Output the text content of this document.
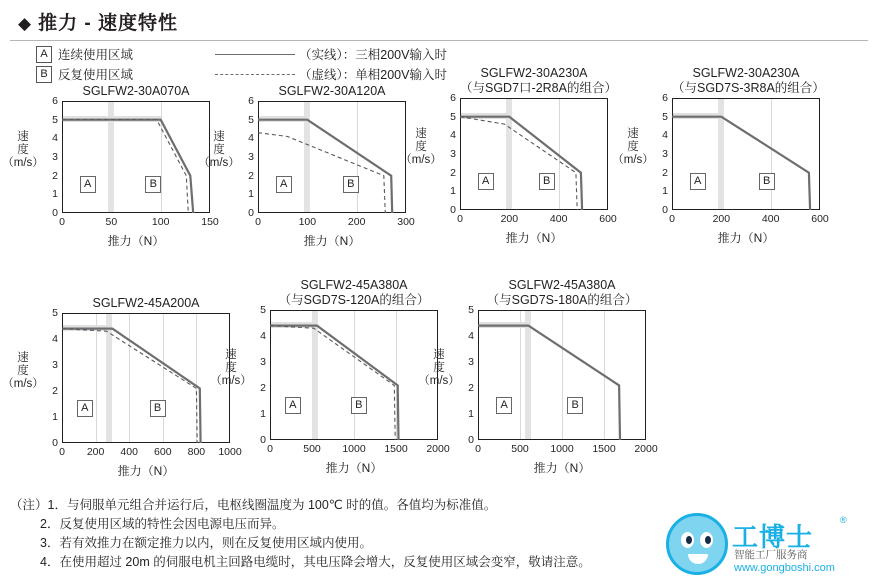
◆ 推力 - 速度特性
A 连续使用区域
B 反复使用区域
（实线）：三相200V输入时
（虚线）：单相200V输入时
SGLFW2-30A070A
A	B
0
1
2
3
4
5
6
0	50	100	150
速
度
（m/s）
推力（N）
SGLFW2-30A120A
A	B
0
1
2
3
4
5
6
0	100	200	300
速
度
（m/s）
推力（N）
SGLFW2-30A230A
（与SGD7口-2R8A的组合）
A	B
0
1
2
3
4
5
6
0	200	400	600
速
度
（m/s）
推力（N）
SGLFW2-30A230A
（与SGD7S-3R8A的组合）
A	B
0
1
2
3
4
5
6
0	200	400	600
速
度
（m/s）
推力（N）
SGLFW2-45A200A
A	B
0
1
2
3
4
5
0	200	400	600	800	1000
速
度
（m/s）
推力（N）
SGLFW2-45A380A
（与SGD7S-120A的组合）
A	B
0
1
2
3
4
5
0	500	1000	1500	2000
速
度
（m/s）
推力（N）
SGLFW2-45A380A
（与SGD7S-180A的组合）
A	B
0
1
2
3
4
5
0	500	1000	1500	2000
速
度
（m/s）
推力（N）
（注）1．与伺服单元组合并运行后，电枢线圈温度为 100℃ 时的值。各值均为标准值。
2．反复使用区域的特性会因电源电压而异。
3．若有效推力在额定推力以内，则在反复使用区域内使用。
4．在使用超过 20m 的伺服电机主回路电缆时，其电压降会增大，反复使用区域会变窄，敬请注意。
工博士
®
智能工厂服务商
www.gongboshi.com
